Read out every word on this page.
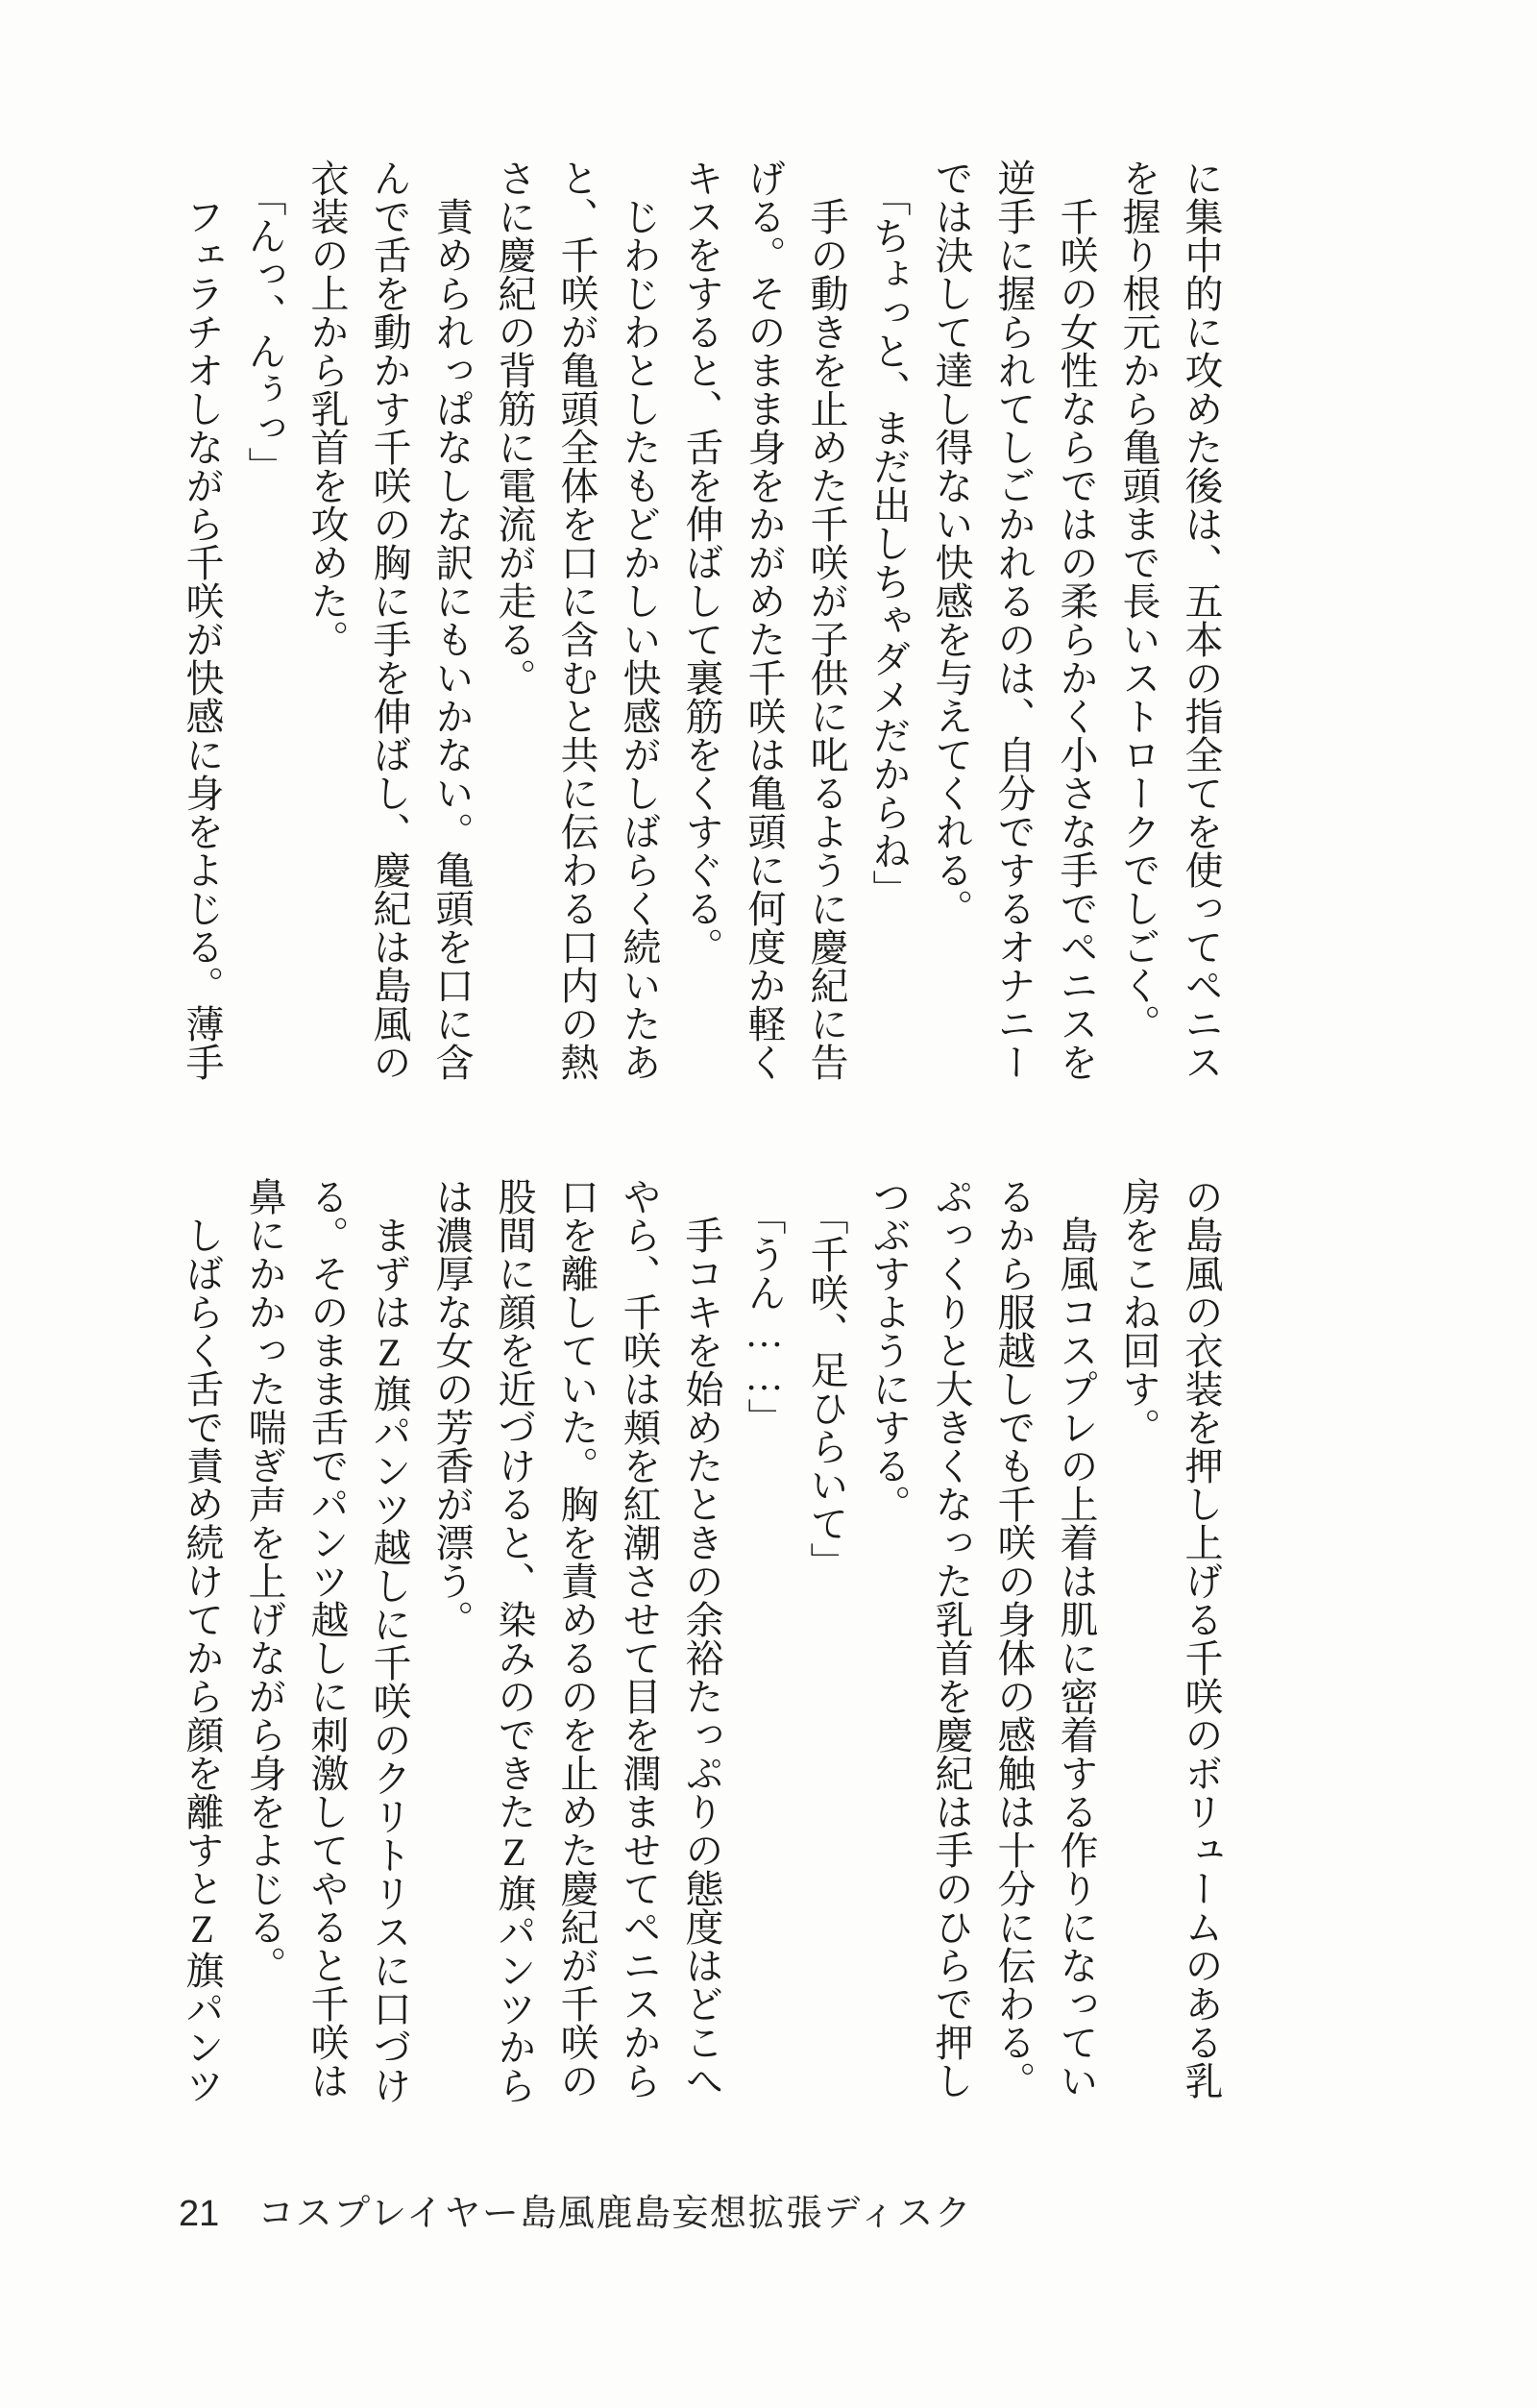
に集中的に攻めた後は、五本の指全てを使ってペニス
を握り根元から亀頭まで長いストロークでしごく。
千咲の女性ならではの柔らかく小さな手でペニスを
逆手に握られてしごかれるのは、自分でするオナニー
では決して達し得ない快感を与えてくれる。
「ちょっと、まだ出しちゃダメだからね」
手の動きを止めた千咲が子供に叱るように慶紀に告
げる。そのまま身をかがめた千咲は亀頭に何度か軽く
キスをすると、舌を伸ばして裏筋をくすぐる。
じわじわとしたもどかしい快感がしばらく続いたあ
と、千咲が亀頭全体を口に含むと共に伝わる口内の熱
さに慶紀の背筋に電流が走る。
責められっぱなしな訳にもいかない。亀頭を口に含
んで舌を動かす千咲の胸に手を伸ばし、慶紀は島風の
衣装の上から乳首を攻めた。
「んっ、んぅっ」
フェラチオしながら千咲が快感に身をよじる。薄手
の島風の衣装を押し上げる千咲のボリュームのある乳
房をこね回す。
島風コスプレの上着は肌に密着する作りになってい
るから服越しでも千咲の身体の感触は十分に伝わる。
ぷっくりと大きくなった乳首を慶紀は手のひらで押し
つぶすようにする。
「千咲、足ひらいて」
「うん……」
手コキを始めたときの余裕たっぷりの態度はどこへ
やら、千咲は頬を紅潮させて目を潤ませてペニスから
口を離していた。胸を責めるのを止めた慶紀が千咲の
股間に顔を近づけると、染みのできたZ旗パンツから
は濃厚な女の芳香が漂う。
まずはZ旗パンツ越しに千咲のクリトリスに口づけ
る。そのまま舌でパンツ越しに刺激してやると千咲は
鼻にかかった喘ぎ声を上げながら身をよじる。
しばらく舌で責め続けてから顔を離すとZ旗パンツ
21 コスプレイヤー島風鹿島妄想拡張ディスク
